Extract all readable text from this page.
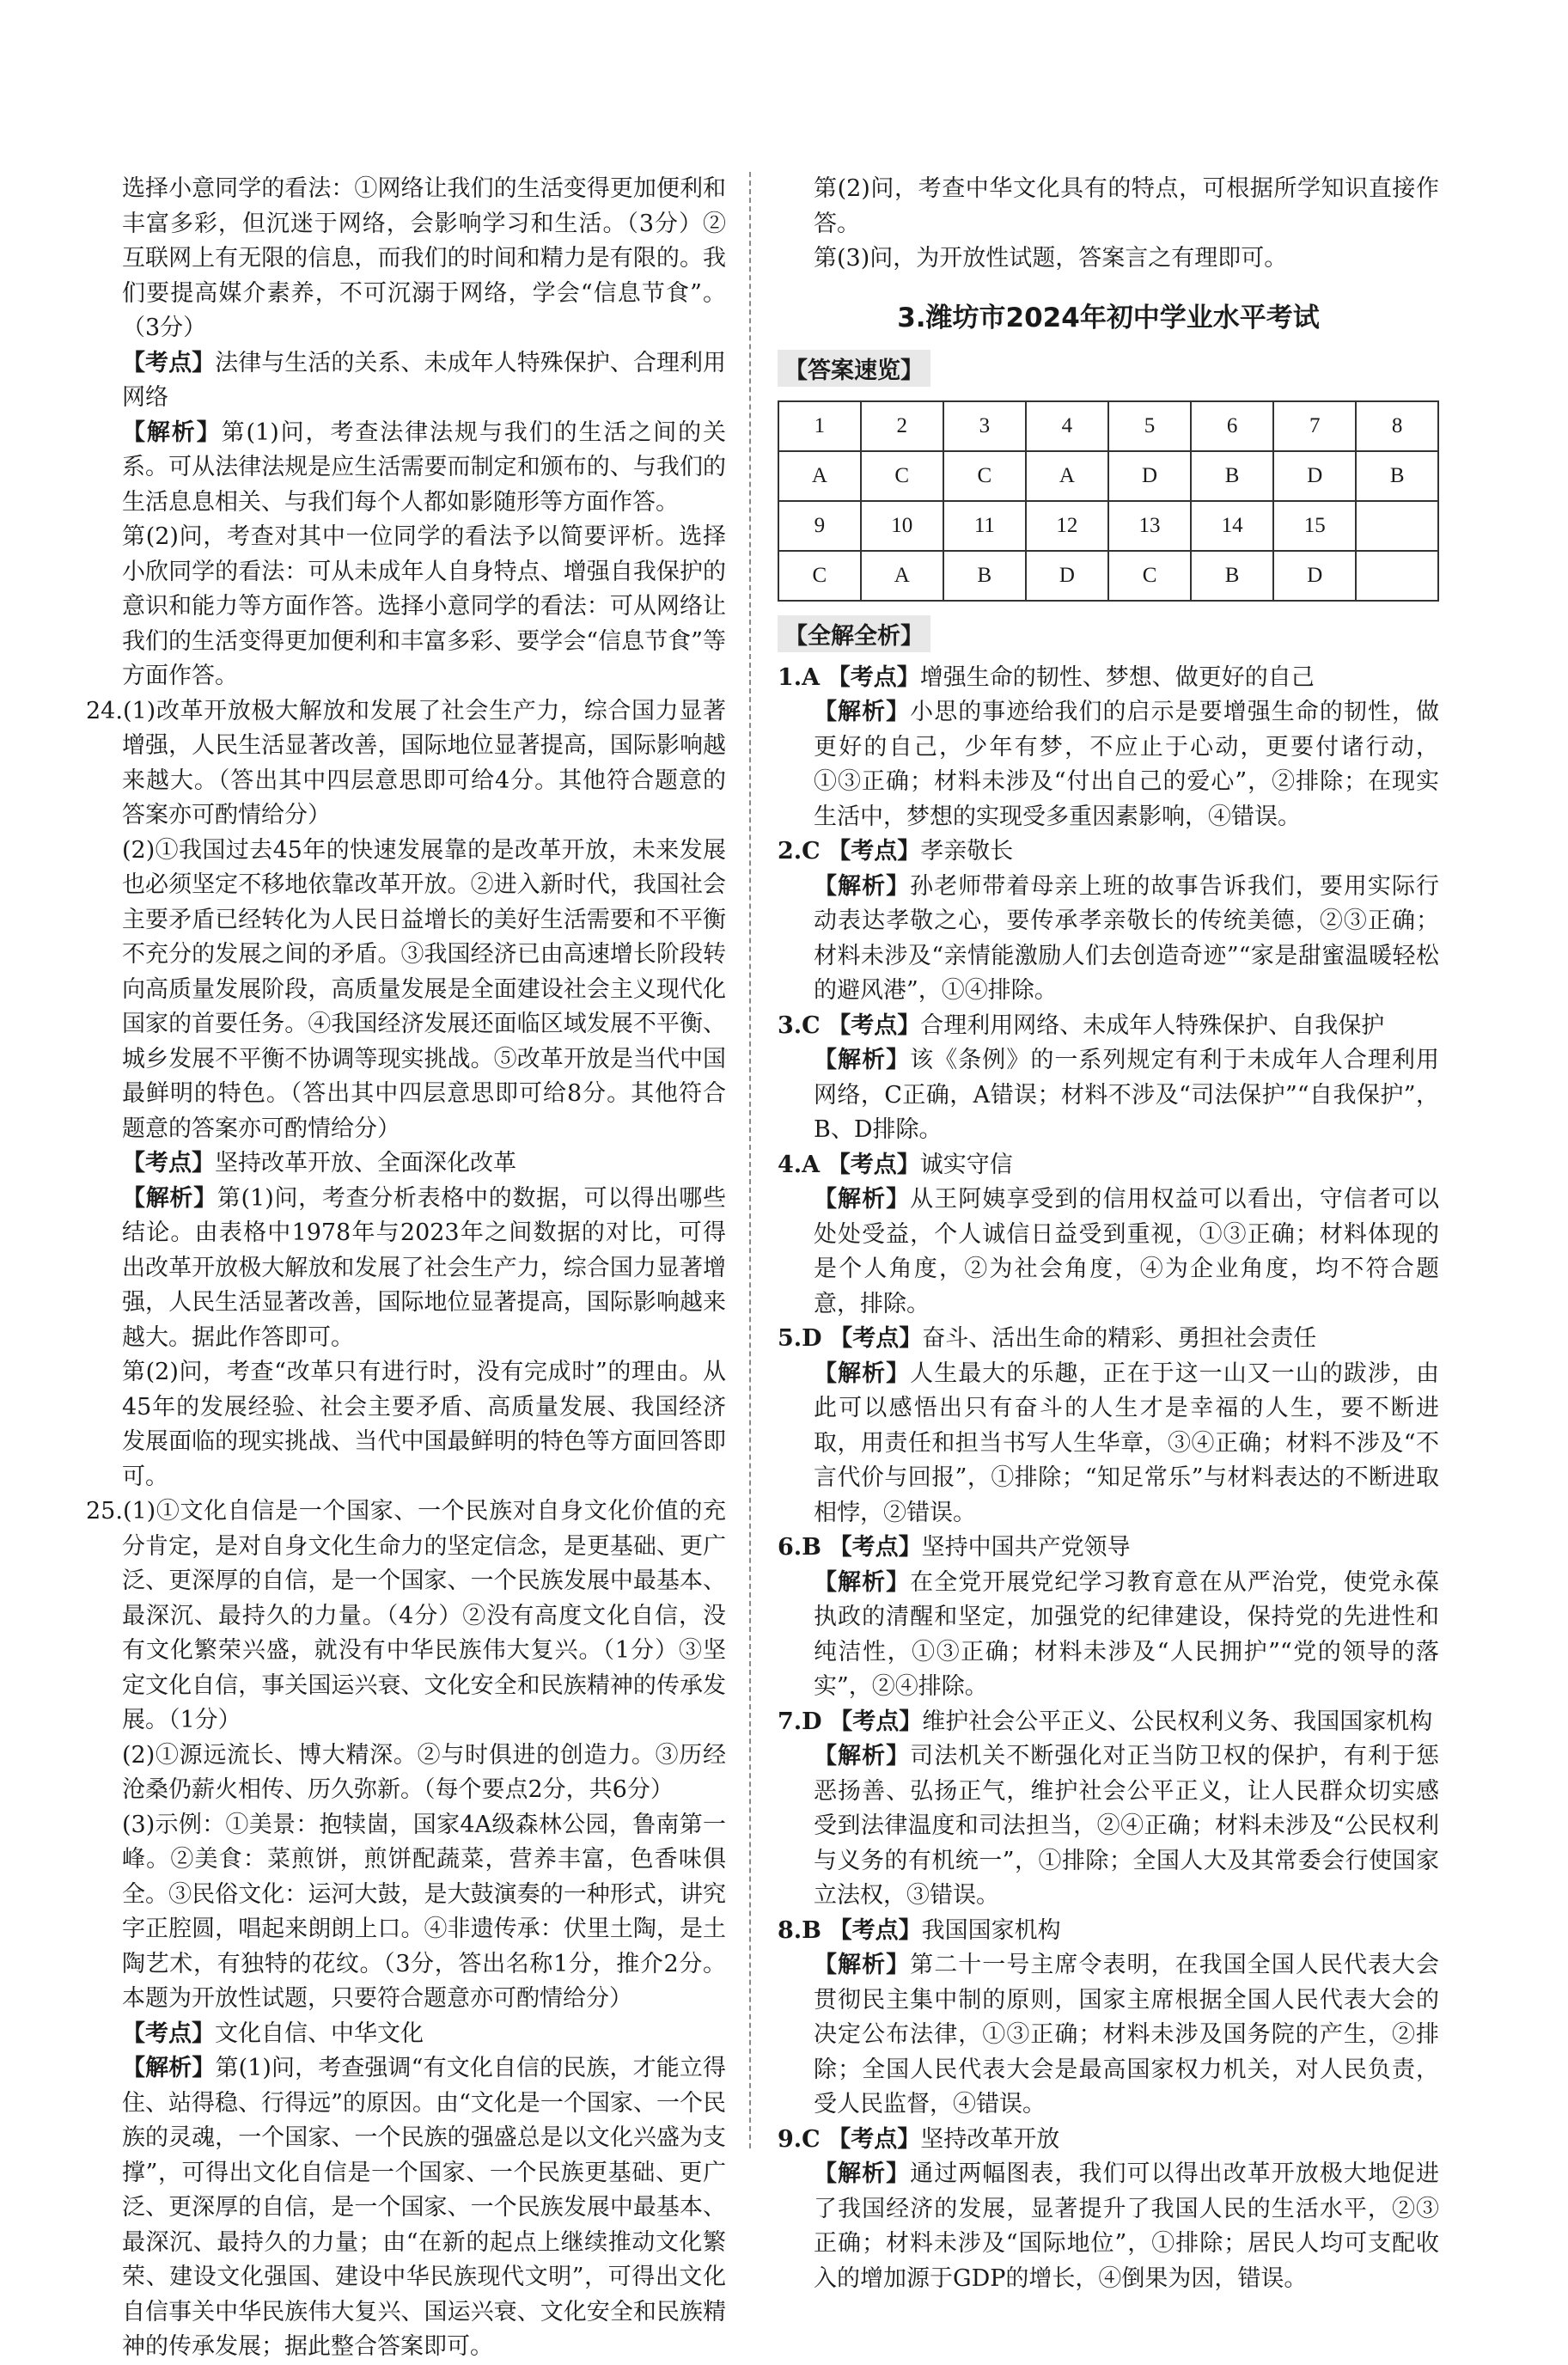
选择小意同学的看法：①网络让我们的生活变得更加便利和丰富多彩，但沉迷于网络，会影响学习和生活。（3分）②互联网上有无限的信息，而我们的时间和精力是有限的。我们要提高媒介素养，不可沉溺于网络，学会“信息节食”。（3分）

【考点】法律与生活的关系、未成年人特殊保护、合理利用网络

【解析】第(1)问，考查法律法规与我们的生活之间的关系。可从法律法规是应生活需要而制定和颁布的、与我们的生活息息相关、与我们每个人都如影随形等方面作答。

第(2)问，考查对其中一位同学的看法予以简要评析。选择小欣同学的看法：可从未成年人自身特点、增强自我保护的意识和能力等方面作答。选择小意同学的看法：可从网络让我们的生活变得更加便利和丰富多彩、要学会“信息节食”等方面作答。

24.(1)改革开放极大解放和发展了社会生产力，综合国力显著增强，人民生活显著改善，国际地位显著提高，国际影响越来越大。（答出其中四层意思即可给4分。其他符合题意的答案亦可酌情给分）

(2)①我国过去45年的快速发展靠的是改革开放，未来发展也必须坚定不移地依靠改革开放。②进入新时代，我国社会主要矛盾已经转化为人民日益增长的美好生活需要和不平衡不充分的发展之间的矛盾。③我国经济已由高速增长阶段转向高质量发展阶段，高质量发展是全面建设社会主义现代化国家的首要任务。④我国经济发展还面临区域发展不平衡、城乡发展不平衡不协调等现实挑战。⑤改革开放是当代中国最鲜明的特色。（答出其中四层意思即可给8分。其他符合题意的答案亦可酌情给分）

【考点】坚持改革开放、全面深化改革

【解析】第(1)问，考查分析表格中的数据，可以得出哪些结论。由表格中1978年与2023年之间数据的对比，可得出改革开放极大解放和发展了社会生产力，综合国力显著增强，人民生活显著改善，国际地位显著提高，国际影响越来越大。据此作答即可。

第(2)问，考查“改革只有进行时，没有完成时”的理由。从45年的发展经验、社会主要矛盾、高质量发展、我国经济发展面临的现实挑战、当代中国最鲜明的特色等方面回答即可。

25.(1)①文化自信是一个国家、一个民族对自身文化价值的充分肯定，是对自身文化生命力的坚定信念，是更基础、更广泛、更深厚的自信，是一个国家、一个民族发展中最基本、最深沉、最持久的力量。（4分）②没有高度文化自信，没有文化繁荣兴盛，就没有中华民族伟大复兴。（1分）③坚定文化自信，事关国运兴衰、文化安全和民族精神的传承发展。（1分）

(2)①源远流长、博大精深。②与时俱进的创造力。③历经沧桑仍薪火相传、历久弥新。（每个要点2分，共6分）

(3)示例：①美景：抱犊崮，国家4A级森林公园，鲁南第一峰。②美食：菜煎饼，煎饼配蔬菜，营养丰富，色香味俱全。③民俗文化：运河大鼓，是大鼓演奏的一种形式，讲究字正腔圆，唱起来朗朗上口。④非遗传承：伏里土陶，是土陶艺术，有独特的花纹。（3分，答出名称1分，推介2分。本题为开放性试题，只要符合题意亦可酌情给分）

【考点】文化自信、中华文化

【解析】第(1)问，考查强调“有文化自信的民族，才能立得住、站得稳、行得远”的原因。由“文化是一个国家、一个民族的灵魂，一个国家、一个民族的强盛总是以文化兴盛为支撑”，可得出文化自信是一个国家、一个民族更基础、更广泛、更深厚的自信，是一个国家、一个民族发展中最基本、最深沉、最持久的力量；由“在新的起点上继续推动文化繁荣、建设文化强国、建设中华民族现代文明”，可得出文化自信事关中华民族伟大复兴、国运兴衰、文化安全和民族精神的传承发展；据此整合答案即可。

第(2)问，考查中华文化具有的特点，可根据所学知识直接作答。

第(3)问，为开放性试题，答案言之有理即可。

3.潍坊市2024年初中学业水平考试
【答案速览】
1	2	3	4	5	6	7	8
A	C	C	A	D	B	D	B
9	10	11	12	13	14	15	
C	A	B	D	C	B	D	
【全解全析】

1.A 【考点】增强生命的韧性、梦想、做更好的自己

【解析】小思的事迹给我们的启示是要增强生命的韧性，做更好的自己，少年有梦，不应止于心动，更要付诸行动，①③正确；材料未涉及“付出自己的爱心”，②排除；在现实生活中，梦想的实现受多重因素影响，④错误。

2.C 【考点】孝亲敬长

【解析】孙老师带着母亲上班的故事告诉我们，要用实际行动表达孝敬之心，要传承孝亲敬长的传统美德，②③正确；材料未涉及“亲情能激励人们去创造奇迹”“家是甜蜜温暖轻松的避风港”，①④排除。

3.C 【考点】合理利用网络、未成年人特殊保护、自我保护

【解析】该《条例》的一系列规定有利于未成年人合理利用网络，C正确，A错误；材料不涉及“司法保护”“自我保护”，B、D排除。

4.A 【考点】诚实守信

【解析】从王阿姨享受到的信用权益可以看出，守信者可以处处受益，个人诚信日益受到重视，①③正确；材料体现的是个人角度，②为社会角度，④为企业角度，均不符合题意，排除。

5.D 【考点】奋斗、活出生命的精彩、勇担社会责任

【解析】人生最大的乐趣，正在于这一山又一山的跋涉，由此可以感悟出只有奋斗的人生才是幸福的人生，要不断进取，用责任和担当书写人生华章，③④正确；材料不涉及“不言代价与回报”，①排除；“知足常乐”与材料表达的不断进取相悖，②错误。

6.B 【考点】坚持中国共产党领导

【解析】在全党开展党纪学习教育意在从严治党，使党永葆执政的清醒和坚定，加强党的纪律建设，保持党的先进性和纯洁性，①③正确；材料未涉及“人民拥护”“党的领导的落实”，②④排除。

7.D 【考点】维护社会公平正义、公民权利义务、我国国家机构

【解析】司法机关不断强化对正当防卫权的保护，有利于惩恶扬善、弘扬正气，维护社会公平正义，让人民群众切实感受到法律温度和司法担当，②④正确；材料未涉及“公民权利与义务的有机统一”，①排除；全国人大及其常委会行使国家立法权，③错误。

8.B 【考点】我国国家机构

【解析】第二十一号主席令表明，在我国全国人民代表大会贯彻民主集中制的原则，国家主席根据全国人民代表大会的决定公布法律，①③正确；材料未涉及国务院的产生，②排除；全国人民代表大会是最高国家权力机关，对人民负责，受人民监督，④错误。

9.C 【考点】坚持改革开放

【解析】通过两幅图表，我们可以得出改革开放极大地促进了我国经济的发展，显著提升了我国人民的生活水平，②③正确；材料未涉及“国际地位”，①排除；居民人均可支配收入的增加源于GDP的增长，④倒果为因，错误。
